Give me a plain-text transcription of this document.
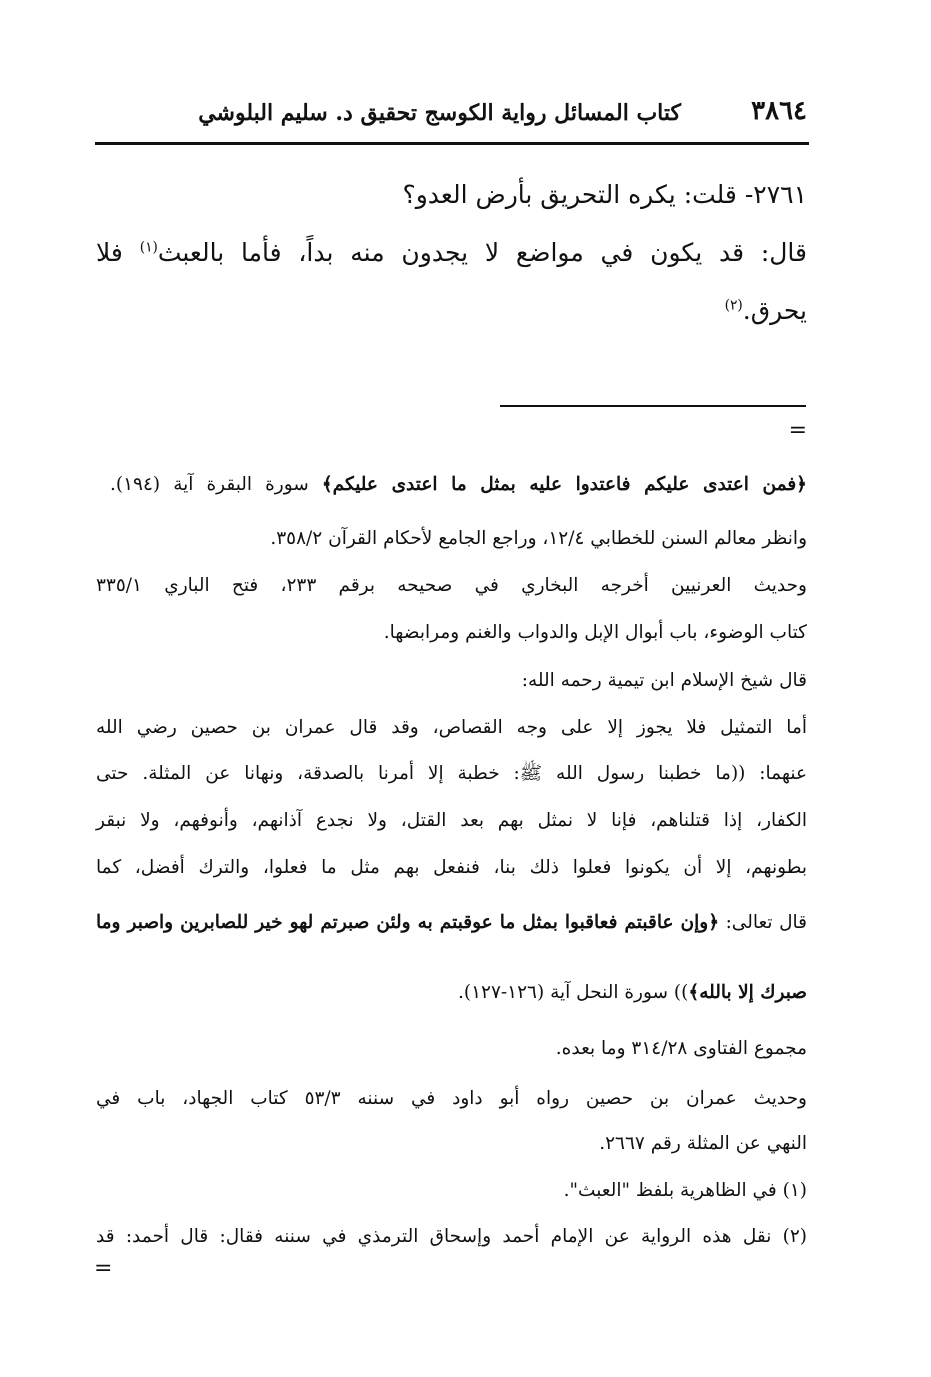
٣٨٦٤
كتاب المسائل رواية الكوسج تحقيق د. سليم البلوشي
٢٧٦١- قلت: يكره التحريق بأرض العدو؟
قال: قد يكون في مواضع لا يجدون منه بداً، فأما بالعبث$^{(١)}$ فلا
يحرق.$^{(٢)}$
=
﴿فمن اعتدى عليكم فاعتدوا عليه بمثل ما اعتدى عليكم﴾ سورة البقرة آية (١٩٤).
وانظر معالم السنن للخطابي ١٢/٤، وراجع الجامع لأحكام القرآن ٣٥٨/٢.
وحديث العرنيين أخرجه البخاري في صحيحه برقم ٢٣٣، فتح الباري ٣٣٥/١
كتاب الوضوء، باب أبوال الإبل والدواب والغنم ومرابضها.
قال شيخ الإسلام ابن تيمية رحمه الله:
أما التمثيل فلا يجوز إلا على وجه القصاص، وقد قال عمران بن حصين رضي الله
عنهما: ((ما خطبنا رسول الله ﷺ: خطبة إلا أمرنا بالصدقة، ونهانا عن المثلة. حتى
الكفار، إذا قتلناهم، فإنا لا نمثل بهم بعد القتل، ولا نجدع آذانهم، وأنوفهم، ولا نبقر
بطونهم، إلا أن يكونوا فعلوا ذلك بنا، فنفعل بهم مثل ما فعلوا، والترك أفضل، كما
قال تعالى: ﴿وإن عاقبتم فعاقبوا بمثل ما عوقبتم به ولئن صبرتم لهو خير للصابرين واصبر وما
صبرك إلا بالله﴾)) سورة النحل آية (١٢٦-١٢٧).
مجموع الفتاوى ٣١٤/٢٨ وما بعده.
وحديث عمران بن حصين رواه أبو داود في سننه ٥٣/٣ كتاب الجهاد، باب في
النهي عن المثلة رقم ٢٦٦٧.
(١) في الظاهرية بلفظ "العبث".
(٢) نقل هذه الرواية عن الإمام أحمد وإسحاق الترمذي في سننه فقال: قال أحمد: قد
=
